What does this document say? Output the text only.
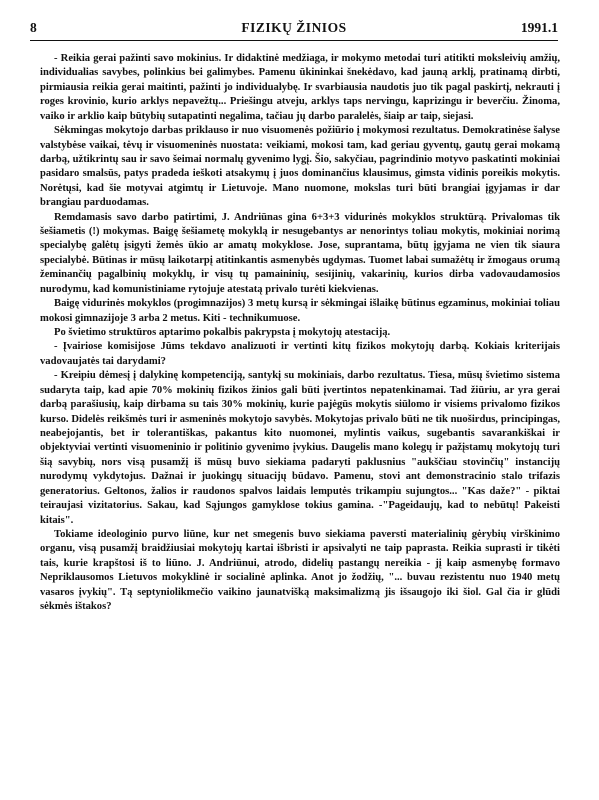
8	FIZIKŲ ŽINIOS	1991.1

- Reikia gerai pažinti savo mokinius. Ir didaktinė medžiaga, ir mokymo metodai turi atitikti moksleivių amžių, individualias savybes, polinkius bei galimybes. Pamenu ūkininkai šnekėdavo, kad jauną arklį, pratinamą dirbti, pirmiausia reikia gerai maitinti, pažinti jo individualybę. Ir svarbiausia naudotis juo tik pagal paskirtį, nekrauti į roges krovinio, kurio arklys nepavežtų... Priešingu atveju, arklys taps nervingu, kaprizingu ir beverčiu. Žinoma, vaiko ir arklio kaip būtybių sutapatinti negalima, tačiau jų darbo paralelės, šiaip ar taip, siejasi.

Sėkmingas mokytojo darbas priklauso ir nuo visuomenės požiūrio į mokymosi rezultatus. Demokratinėse šalyse valstybėse vaikai, tėvų ir visuomeninės nuostata: veikiami, mokosi tam, kad geriau gyventų, gautų gerai mokamą darbą, užtikrintų sau ir savo šeimai normalų gyvenimo lygį. Šio, sakyčiau, pagrindinio motyvo paskatinti mokiniai pasidaro smalsūs, patys pradeda ieškoti atsakymų į juos dominančius klausimus, gimsta vidinis poreikis mokytis. Norėtųsi, kad šie motyvai atgimtų ir Lietuvoje. Mano nuomone, mokslas turi būti brangiai įgyjamas ir dar brangiau parduodamas.

Remdamasis savo darbo patirtimi, J. Andriūnas gina 6+3+3 vidurinės mokyklos struktūrą. Privalomas tik šešiametis (!) mokymas. Baigę šešiametę mokyklą ir nesugebantys ar nenorintys toliau mokytis, mokiniai norimą specialybę galėtų įsigyti žemės ūkio ar amatų mokyklose. Jose, suprantama, būtų įgyjama ne vien tik siaura specialybė. Būtinas ir mūsų laikotarpį atitinkantis asmenybės ugdymas. Tuomet labai sumažėtų ir žmogaus orumą žeminančių pagalbinių mokyklų, ir visų tų pamaininių, sesijinių, vakarinių, kurios dirba vadovaudamosios nurodymu, kad komunistiniame rytojuje atestatą privalo turėti kiekvienas.

Baigę vidurinės mokyklos (progimnazijos) 3 metų kursą ir sėkmingai išlaikę būtinus egzaminus, mokiniai toliau mokosi gimnazijoje 3 arba 2 metus. Kiti - technikumuose.

Po švietimo struktūros aptarimo pokalbis pakrypsta į mokytojų atestaciją.

- Įvairiose komisijose Jūms tekdavo analizuoti ir vertinti kitų fizikos mokytojų darbą. Kokiais kriterijais vadovaujatės tai darydami?

- Kreipiu dėmesį į dalykinę kompetenciją, santykį su mokiniais, darbo rezultatus. Tiesa, mūsų švietimo sistema sudaryta taip, kad apie 70% mokinių fizikos žinios gali būti įvertintos nepatenkinamai. Tad žiūriu, ar yra gerai darbą parašiusių, kaip dirbama su tais 30% mokinių, kurie pajėgūs mokytis siūlomo ir visiems privalomo fizikos kurso. Didelės reikšmės turi ir asmeninės mokytojo savybės. Mokytojas privalo būti ne tik nuoširdus, principingas, neabejojantis, bet ir tolerantiškas, pakantus kito nuomonei, mylintis vaikus, sugebantis savarankiškai ir objektyviai vertinti visuomeninio ir politinio gyvenimo įvykius. Daugelis mano kolegų ir pažįstamų mokytojų turi šią savybių, nors visą pusamžį iš mūsų buvo siekiama padaryti paklusnius "aukščiau stovinčių" instancijų nurodymų vykdytojus. Dažnai ir juokingų situacijų būdavo. Pamenu, stovi ant demonstracinio stalo trifazis generatorius. Geltonos, žalios ir raudonos spalvos laidais lemputės trikampiu sujungtos... "Kas daže?" - piktai teiraujasi vizitatorius. Sakau, kad Sąjungos gamyklose tokius gamina. -"Pageidaujų, kad to nebūtų! Pakeisti kitais".

Tokiame ideologinio purvo liūne, kur net smegenis buvo siekiama paversti materialinių gėrybių virškinimo organu, visą pusamžį braidžiusiai mokytojų kartai išbristi ir apsivalyti ne taip paprasta. Reikia suprasti ir tikėti tais, kurie krapštosi iš to liūno. J. Andriūnui, atrodo, didelių pastangų nereikia - jį kaip asmenybę formavo Nepriklausomos Lietuvos mokyklinė ir socialinė aplinka. Anot jo žodžių, "... buvau rezistentu nuo 1940 metų vasaros įvykių". Tą septyniolikmečio vaikino jaunatvišką maksimalizmą jis išsaugojo iki šiol. Gal čia ir glūdi sėkmės ištakos?
